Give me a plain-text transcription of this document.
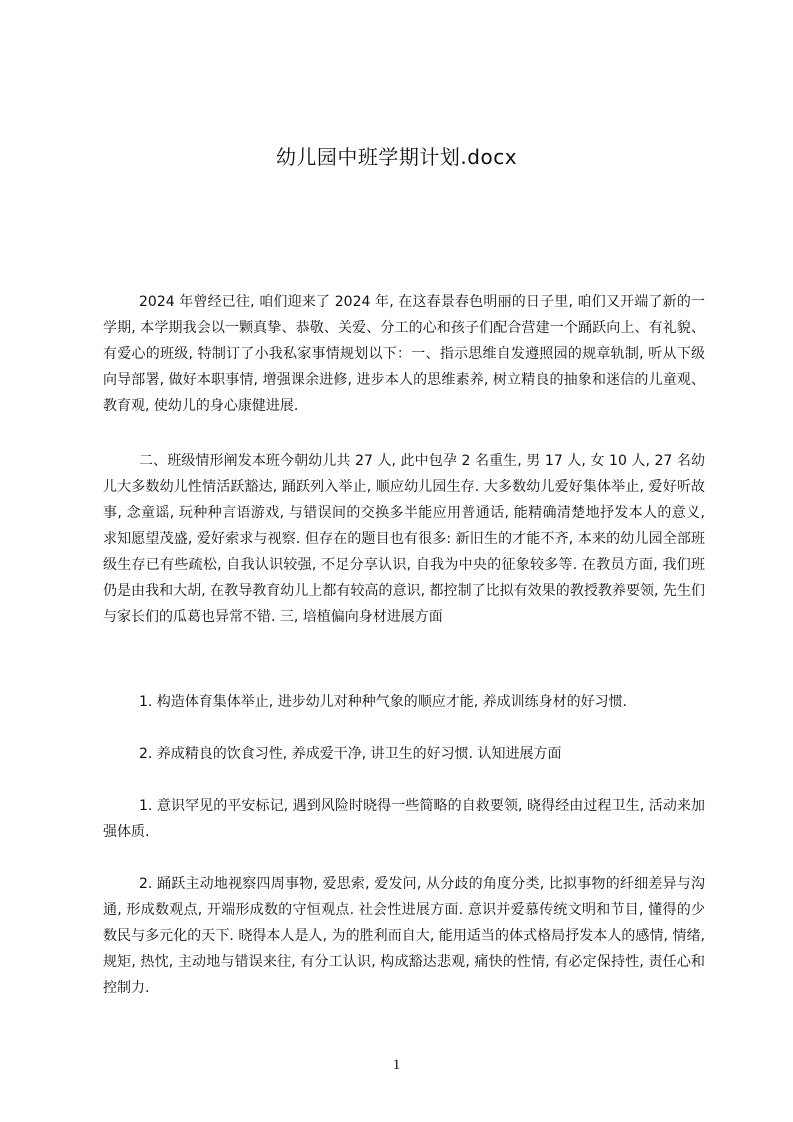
幼儿园中班学期计划.docx

2024 年曾经已往, 咱们迎来了 2024 年, 在这春景春色明丽的日子里, 咱们又开端了新的一学期, 本学期我会以一颗真挚、恭敬、关爱、分工的心和孩子们配合营建一个踊跃向上、有礼貌、有爱心的班级, 特制订了小我私家事情规划以下：一、指示思维自发遵照园的规章轨制, 听从下级向导部署, 做好本职事情, 增强课余进修, 进步本人的思维素养, 树立精良的抽象和迷信的儿童观、教育观, 使幼儿的身心康健进展.

二、班级情形阐发本班今朝幼儿共 27 人, 此中包孕 2 名重生, 男 17 人, 女 10 人, 27 名幼儿大多数幼儿性情活跃豁达, 踊跃列入举止, 顺应幼儿园生存. 大多数幼儿爱好集体举止, 爱好听故事, 念童谣, 玩种种言语游戏, 与错误间的交换多半能应用普通话, 能精确清楚地抒发本人的意义, 求知愿望茂盛, 爱好索求与视察. 但存在的题目也有很多: 新旧生的才能不齐, 本来的幼儿园全部班级生存已有些疏松, 自我认识较强, 不足分享认识, 自我为中央的征象较多等. 在教员方面, 我们班仍是由我和大胡, 在教导教育幼儿上都有较高的意识, 都控制了比拟有效果的教授教养要领, 先生们与家长们的瓜葛也异常不错. 三, 培植偏向身材进展方面

1. 构造体育集体举止, 进步幼儿对种种气象的顺应才能, 养成训练身材的好习惯.

2. 养成精良的饮食习性, 养成爱干净, 讲卫生的好习惯. 认知进展方面

1. 意识罕见的平安标记, 遇到风险时晓得一些简略的自救要领, 晓得经由过程卫生, 活动来加强体质.

2. 踊跃主动地视察四周事物, 爱思索, 爱发问, 从分歧的角度分类, 比拟事物的纤细差异与沟通, 形成数观点, 开端形成数的守恒观点. 社会性进展方面. 意识并爱慕传统文明和节目, 懂得的少数民与多元化的天下. 晓得本人是人, 为的胜利而自大, 能用适当的体式格局抒发本人的感情, 情绪, 规矩, 热忱, 主动地与错误来往, 有分工认识, 构成豁达悲观, 痛快的性情, 有必定保持性, 责任心和控制力.

1
